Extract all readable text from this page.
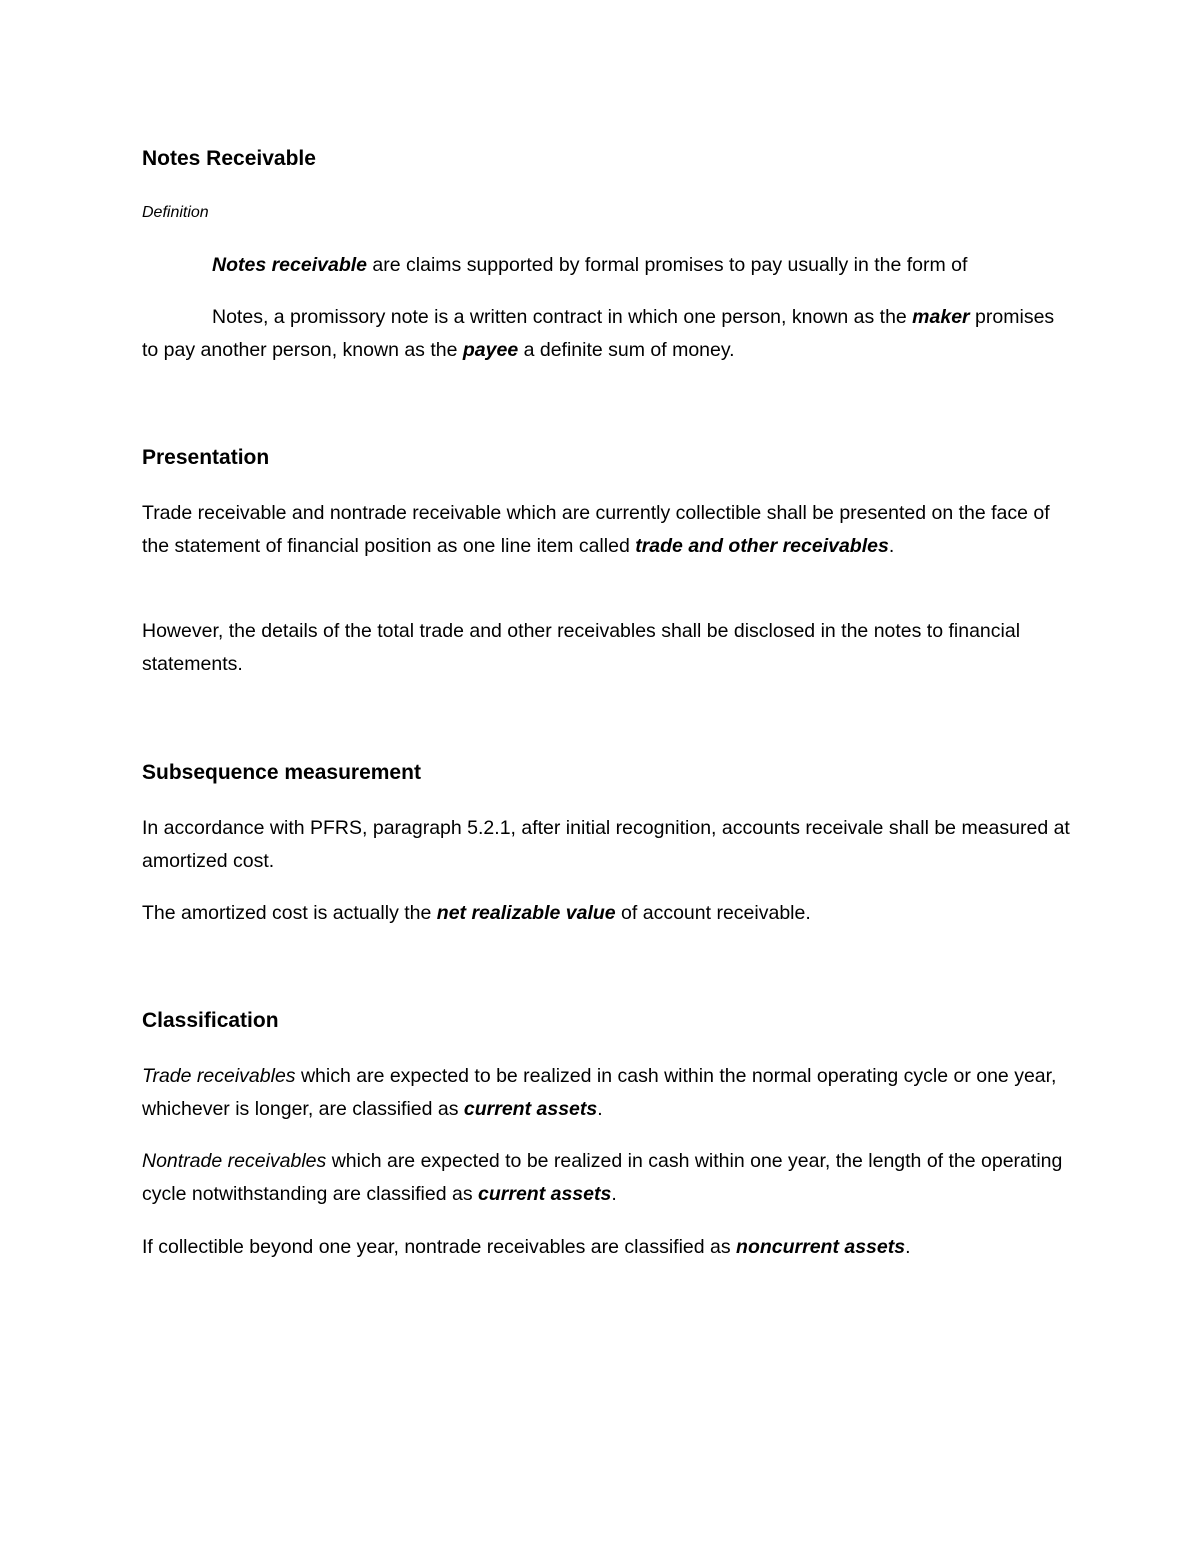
Notes Receivable
Definition

Notes receivable are claims supported by formal promises to pay usually in the form of

Notes, a promissory note is a written contract in which one person, known as the maker promises to pay another person, known as the payee a definite sum of money.

Presentation

Trade receivable and nontrade receivable which are currently collectible shall be presented on the face of the statement of financial position as one line item called trade and other receivables.

However, the details of the total trade and other receivables shall be disclosed in the notes to financial statements.

Subsequence measurement

In accordance with PFRS, paragraph 5.2.1, after initial recognition, accounts receivale shall be measured at amortized cost.

The amortized cost is actually the net realizable value of account receivable.

Classification

Trade receivables which are expected to be realized in cash within the normal operating cycle or one year, whichever is longer, are classified as current assets.

Nontrade receivables which are expected to be realized in cash within one year, the length of the operating cycle notwithstanding are classified as current assets.

If collectible beyond one year, nontrade receivables are classified as noncurrent assets.
